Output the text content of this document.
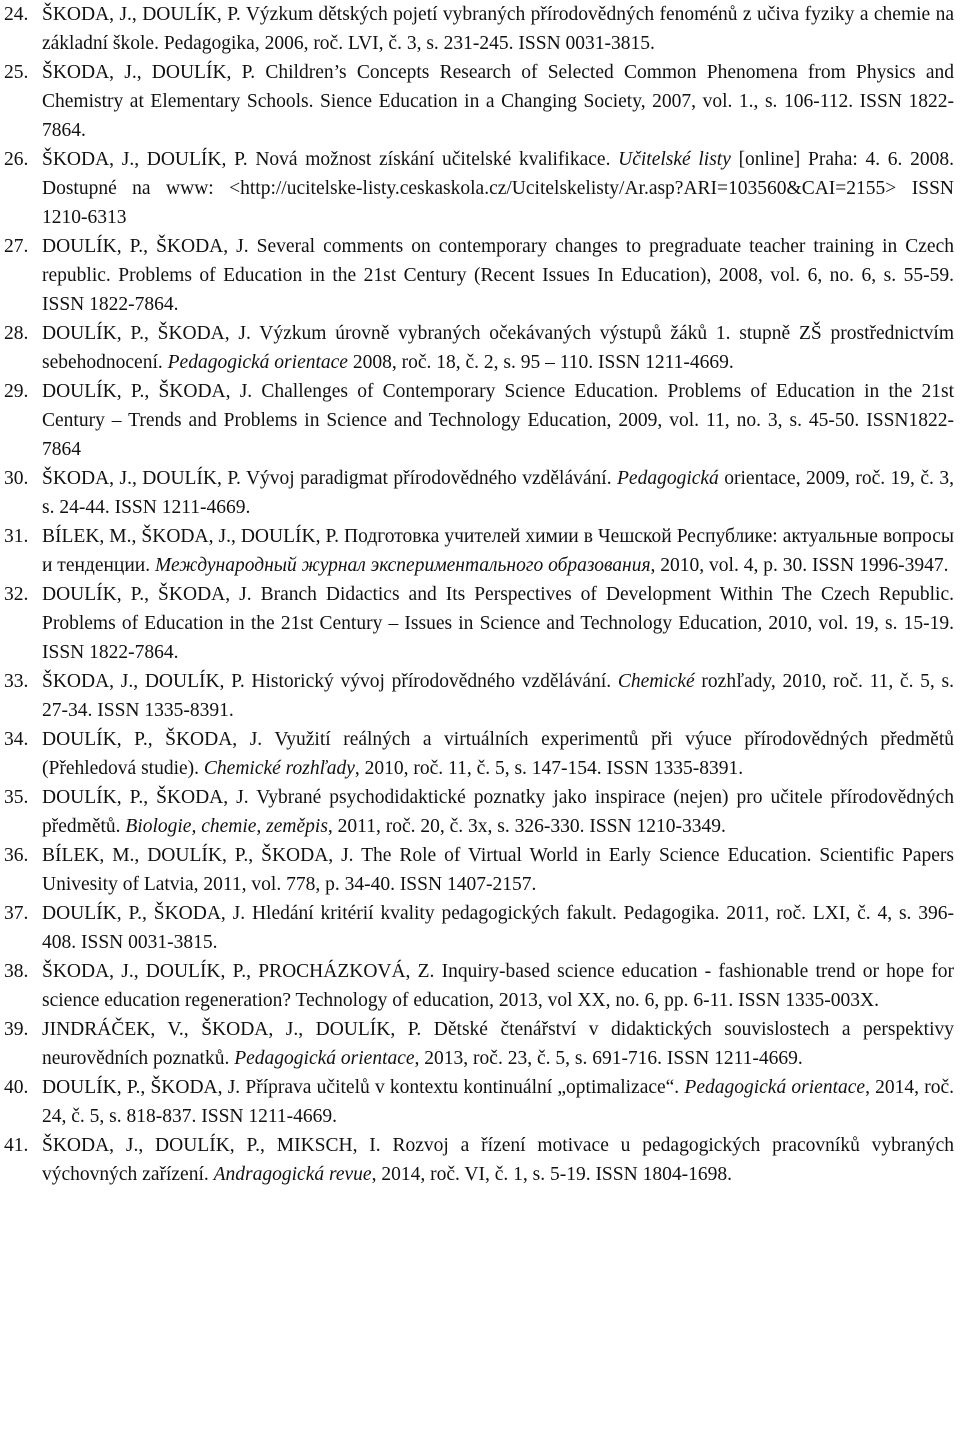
24. ŠKODA, J., DOULÍK, P. Výzkum dětských pojetí vybraných přírodovědných fenoménů z učiva fyziky a chemie na základní škole. Pedagogika, 2006, roč. LVI, č. 3, s. 231-245. ISSN 0031-3815.
25. ŠKODA, J., DOULÍK, P. Children’s Concepts Research of Selected Common Phenomena from Physics and Chemistry at Elementary Schools. Sience Education in a Changing Society, 2007, vol. 1., s. 106-112. ISSN 1822-7864.
26. ŠKODA, J., DOULÍK, P. Nová možnost získání učitelské kvalifikace. Učitelské listy [online] Praha: 4. 6. 2008. Dostupné na www: <http://ucitelske-listy.ceskaskola.cz/Ucitelskelisty/Ar.asp?ARI=103560&CAI=2155> ISSN 1210-6313
27. DOULÍK, P., ŠKODA, J. Several comments on contemporary changes to pregraduate teacher training in Czech republic. Problems of Education in the 21st Century (Recent Issues In Education), 2008, vol. 6, no. 6, s. 55-59. ISSN 1822-7864.
28. DOULÍK, P., ŠKODA, J. Výzkum úrovně vybraných očekávaných výstupů žáků 1. stupně ZŠ prostřednictvím sebehodnocení. Pedagogická orientace 2008, roč. 18, č. 2, s. 95 – 110. ISSN 1211-4669.
29. DOULÍK, P., ŠKODA, J. Challenges of Contemporary Science Education. Problems of Education in the 21st Century – Trends and Problems in Science and Technology Education, 2009, vol. 11, no. 3, s. 45-50. ISSN1822-7864
30. ŠKODA, J., DOULÍK, P. Vývoj paradigmat přírodovědného vzdělávání. Pedagogická orientace, 2009, roč. 19, č. 3, s. 24-44. ISSN 1211-4669.
31. BÍLEK, M., ŠKODA, J., DOULÍK, P. Подготовка учителей химии в Чешской Республике: актуальные вопросы и тенденции. Международный журнал экспериментального образования, 2010, vol. 4, p. 30. ISSN 1996-3947.
32. DOULÍK, P., ŠKODA, J. Branch Didactics and Its Perspectives of Development Within The Czech Republic. Problems of Education in the 21st Century – Issues in Science and Technology Education, 2010, vol. 19, s. 15-19. ISSN 1822-7864.
33. ŠKODA, J., DOULÍK, P. Historický vývoj přírodovědného vzdělávání. Chemické rozhľady, 2010, roč. 11, č. 5, s. 27-34. ISSN 1335-8391.
34. DOULÍK, P., ŠKODA, J. Využití reálných a virtuálních experimentů při výuce přírodovědných předmětů (Přehledová studie). Chemické rozhľady, 2010, roč. 11, č. 5, s. 147-154. ISSN 1335-8391.
35. DOULÍK, P., ŠKODA, J. Vybrané psychodidaktické poznatky jako inspirace (nejen) pro učitele přírodovědných předmětů. Biologie, chemie, zeměpis, 2011, roč. 20, č. 3x, s. 326-330. ISSN 1210-3349.
36. BÍLEK, M., DOULÍK, P., ŠKODA, J. The Role of Virtual World in Early Science Education. Scientific Papers Univesity of Latvia, 2011, vol. 778, p. 34-40. ISSN 1407-2157.
37. DOULÍK, P., ŠKODA, J. Hledání kritérií kvality pedagogických fakult. Pedagogika. 2011, roč. LXI, č. 4, s. 396-408. ISSN 0031-3815.
38. ŠKODA, J., DOULÍK, P., PROCHÁZKOVÁ, Z. Inquiry-based science education - fashionable trend or hope for science education regeneration? Technology of education, 2013, vol XX, no. 6, pp. 6-11. ISSN 1335-003X.
39. JINDRÁČEK, V., ŠKODA, J., DOULÍK, P. Dětské čtenářství v didaktických souvislostech a perspektivy neurovědních poznatků. Pedagogická orientace, 2013, roč. 23, č. 5, s. 691-716. ISSN 1211-4669.
40. DOULÍK, P., ŠKODA, J. Příprava učitelů v kontextu kontinuální „optimalizace“. Pedagogická orientace, 2014, roč. 24, č. 5, s. 818-837. ISSN 1211-4669.
41. ŠKODA, J., DOULÍK, P., MIKSCH, I. Rozvoj a řízení motivace u pedagogických pracovníků vybraných výchovných zařízení. Andragogická revue, 2014, roč. VI, č. 1, s. 5-19. ISSN 1804-1698.
